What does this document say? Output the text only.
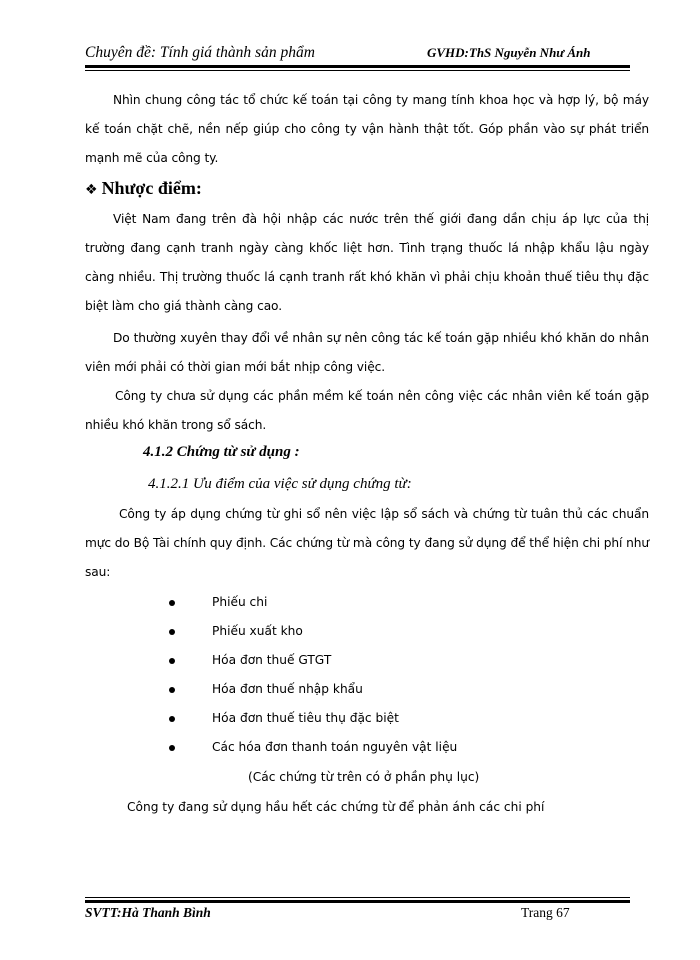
Chuyên đề: Tính giá thành sản phẩm	GVHD:ThS Nguyễn Như Ánh

Nhìn chung công tác tổ chức kế toán tại công ty mang tính khoa học và hợp lý, bộ máy kế toán chặt chẽ, nền nếp giúp cho công ty vận hành thật tốt. Góp phần vào sự phát triển mạnh mẽ của công ty.

❖ Nhược điểm:

Việt Nam đang trên đà hội nhập các nước trên thế giới đang dần chịu áp lực của thị trường đang cạnh tranh ngày càng khốc liệt hơn. Tình trạng thuốc lá nhập khẩu lậu ngày càng nhiều. Thị trường thuốc lá cạnh tranh rất khó khăn vì phải chịu khoản thuế tiêu thụ đặc biệt làm cho giá thành càng cao.

Do thường xuyên thay đổi về nhân sự nên công tác kế toán gặp nhiều khó khăn do nhân viên mới phải có thời gian mới bắt nhịp công việc.

Công ty chưa sử dụng các phần mềm kế toán nên công việc các nhân viên kế toán gặp nhiều khó khăn trong sổ sách.

4.1.2 Chứng từ sử dụng :
4.1.2.1 Ưu điểm của việc sử dụng chứng từ:

Công ty áp dụng chứng từ ghi sổ nên việc lập sổ sách và chứng từ tuân thủ các chuẩn mực do Bộ Tài chính quy định. Các chứng từ mà công ty đang sử dụng để thể hiện chi phí như sau:

Phiếu chi
Phiếu xuất kho
Hóa đơn thuế GTGT
Hóa đơn thuế nhập khẩu
Hóa đơn thuế tiêu thụ đặc biệt
Các hóa đơn thanh toán nguyên vật liệu
(Các chứng từ trên có ở phần phụ lục)
Công ty đang sử dụng hầu hết các chứng từ để phản ánh các chi phí
SVTT:Hà Thanh Bình	Trang 67
